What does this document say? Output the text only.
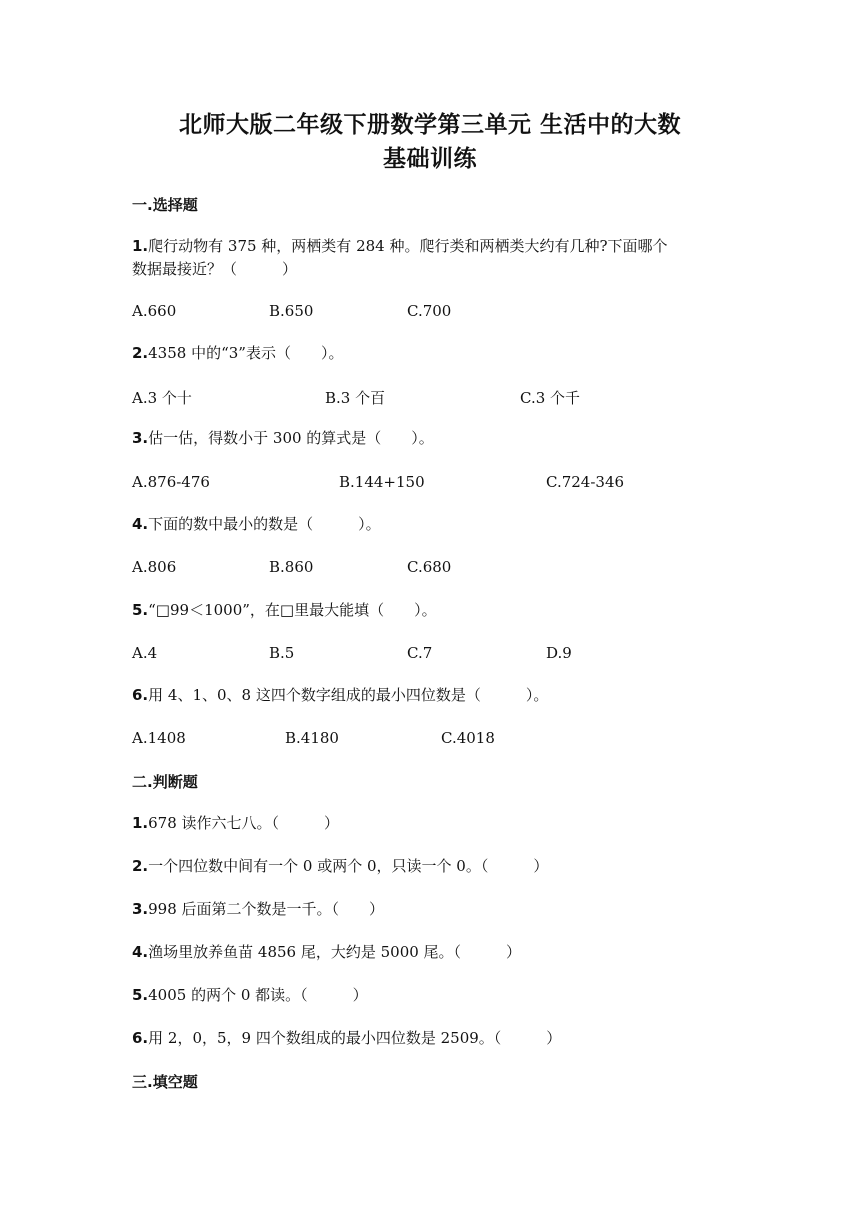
北师大版二年级下册数学第三单元 生活中的大数
基础训练
一.选择题
1.爬行动物有 375 种，两栖类有 284 种。爬行类和两栖类大约有几种?下面哪个
数据最接近？（　　　）
A.660	B.650	C.700
2.4358 中的“3”表示（　　）。
A.3 个十	B.3 个百	C.3 个千
3.估一估，得数小于 300 的算式是（　　）。
A.876-476	B.144+150	C.724-346
4.下面的数中最小的数是（　　　）。
A.806	B.860	C.680
5.“□99＜1000”，在□里最大能填（　　）。
A.4	B.5	C.7	D.9
6.用 4、1、0、8 这四个数字组成的最小四位数是（　　　）。
A.1408	B.4180	C.4018
二.判断题
1.678 读作六七八。（　　　）
2.一个四位数中间有一个 0 或两个 0，只读一个 0。（　　　）
3.998 后面第二个数是一千。（　　）
4.渔场里放养鱼苗 4856 尾，大约是 5000 尾。（　　　）
5.4005 的两个 0 都读。（　　　）
6.用 2，0，5，9 四个数组成的最小四位数是 2509。（　　　）
三.填空题
